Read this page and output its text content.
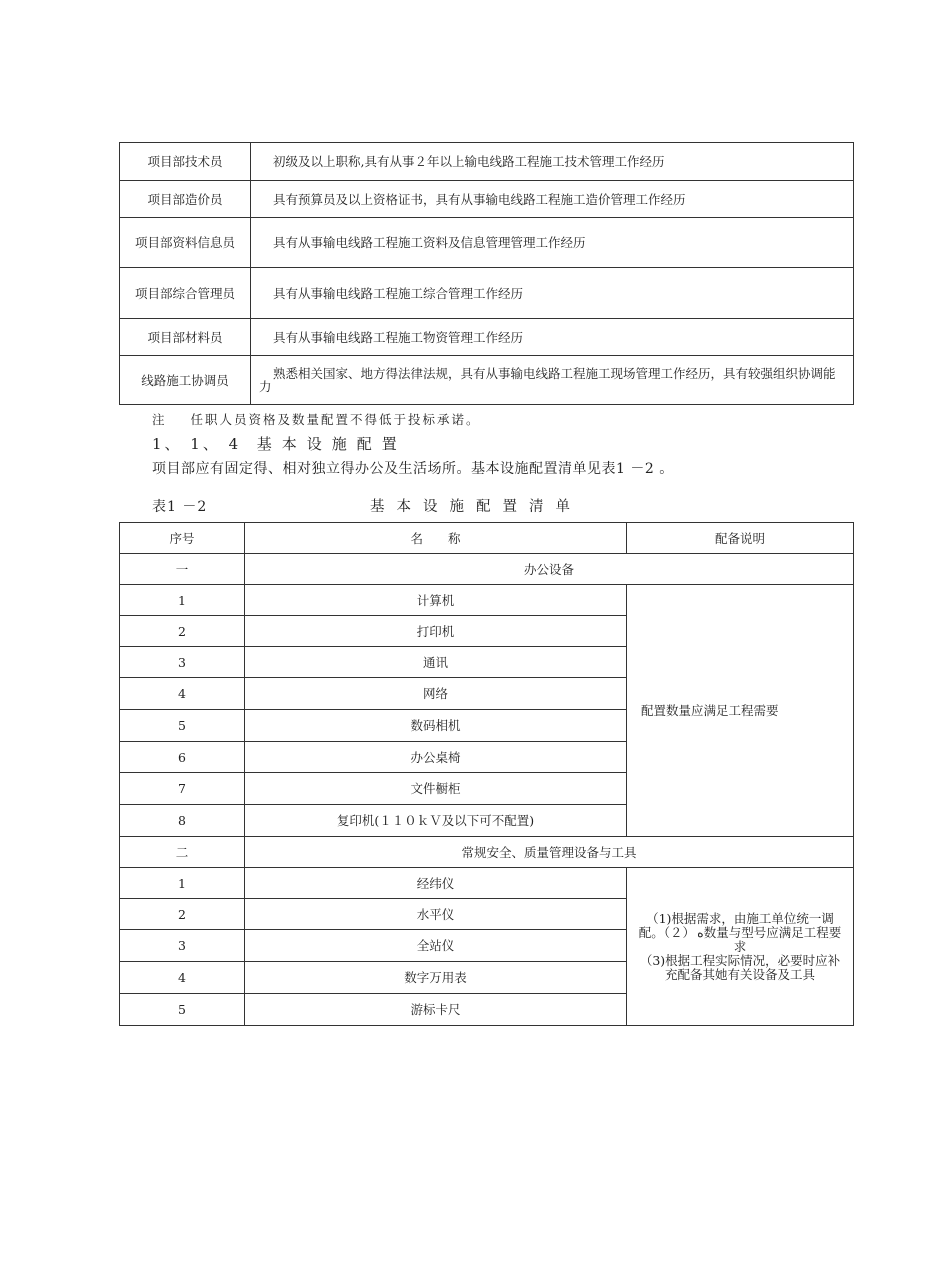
项目部技术员	初级及以上职称,具有从事２年以上输电线路工程施工技术管理工作经历
项目部造价员	具有预算员及以上资格证书，具有从事输电线路工程施工造价管理工作经历
项目部资料信息员	具有从事输电线路工程施工资料及信息管理管理工作经历
项目部综合管理员	具有从事输电线路工程施工综合管理工作经历
项目部材料员	具有从事输电线路工程施工物资管理工作经历
线路施工协调员	熟悉相关国家、地方得法律法规，具有从事输电线路工程施工现场管理工作经历，具有较强组织协调能力
注 任职人员资格及数量配置不得低于投标承诺。
1、 1、 4 基本设施配置
项目部应有固定得、相对独立得办公及生活场所。基本设施配置清单见表1 －2 。
表1 －2	基本设施配置清单
序号	名　　称	配备说明
一	办公设备	
1	计算机	配置数量应满足工程需要
2	打印机	
3	通讯	
4	网络	
5	数码相机	
6	办公桌椅	
7	文件橱柜	
8	复印机(１１０ｋＶ及以下可不配置)	
二	常规安全、质量管理设备与工具	
1	经纬仪	（1)根据需求，由施工单位统一调配。（２） ه数量与型号应满足工程要求
（3)根据工程实际情况，必要时应补充配备其她有关设备及工具

2	水平仪	
3	全站仪	
4	数字万用表	
5	游标卡尺	
